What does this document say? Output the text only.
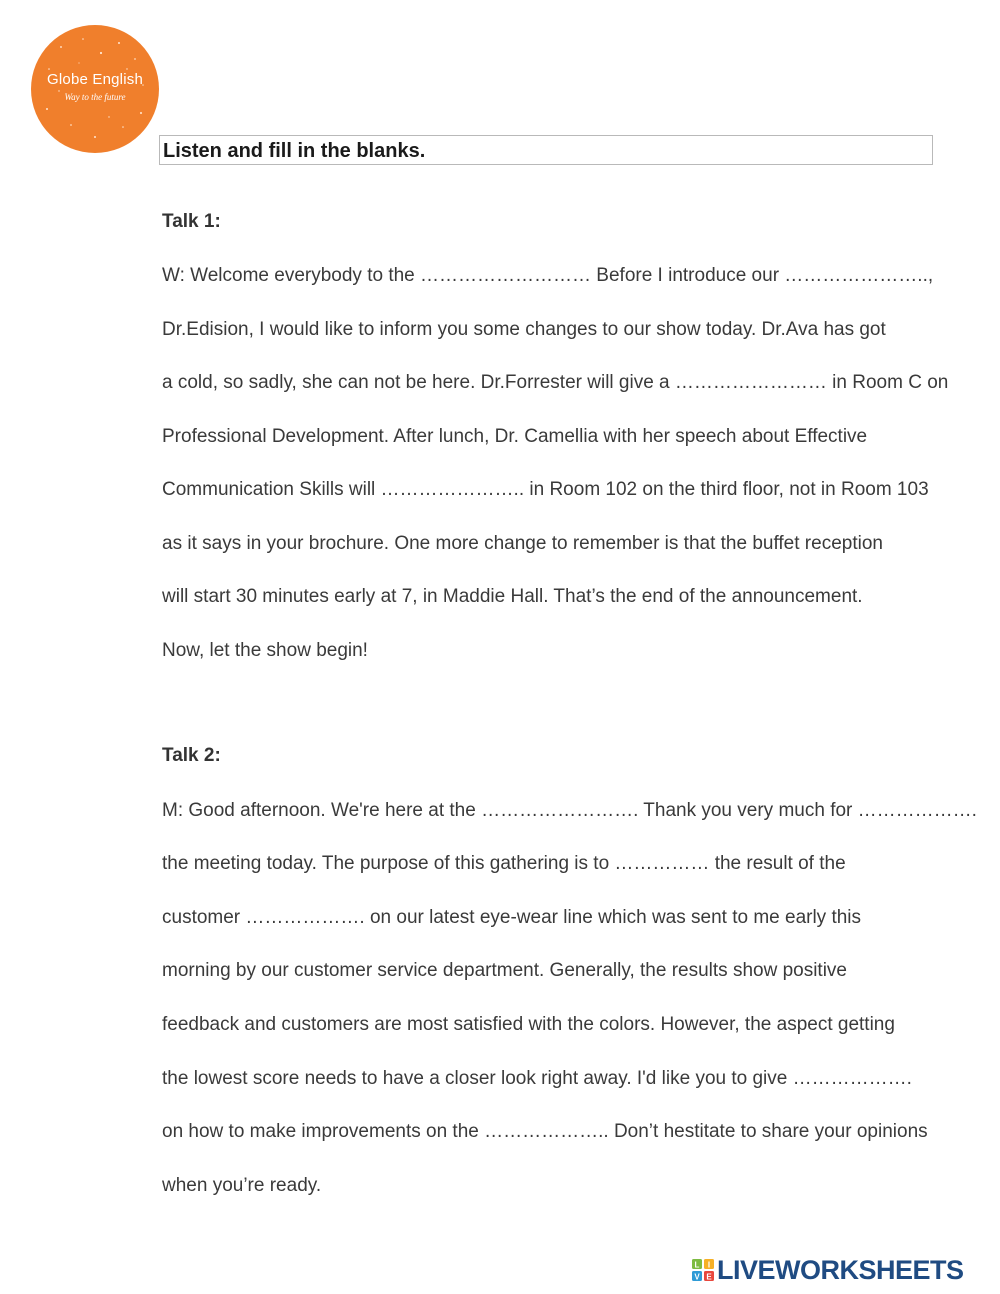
Globe English
Way to the future
Listen and fill in the blanks.
Talk 1:
W: Welcome everybody to the ……………………… Before I introduce our …………………..,
Dr.Edision, I would like to inform you some changes to our show today. Dr.Ava has got
a cold, so sadly, she can not be here. Dr.Forrester will give a …………………… in Room C on
Professional Development. After lunch, Dr. Camellia with her speech about Effective
Communication Skills will ………………….. in Room 102 on the third floor, not in Room 103
as it says in your brochure. One more change to remember is that the buffet reception
will start 30 minutes early at 7, in Maddie Hall. That’s the end of the announcement.
Now, let the show begin!
Talk 2:
M: Good afternoon. We're here at the ……………………. Thank you very much for ……………….
the meeting today. The purpose of this gathering is to …………… the result of the
customer ………………. on our latest eye-wear line which was sent to me early this
morning by our customer service department. Generally, the results show positive
feedback and customers are most satisfied with the colors. However, the aspect getting
the lowest score needs to have a closer look right away. I'd like you to give ……………….
on how to make improvements on the ……………….. Don’t hestitate to share your opinions
when you’re ready.
L I
V E LIVEWORKSHEETS
